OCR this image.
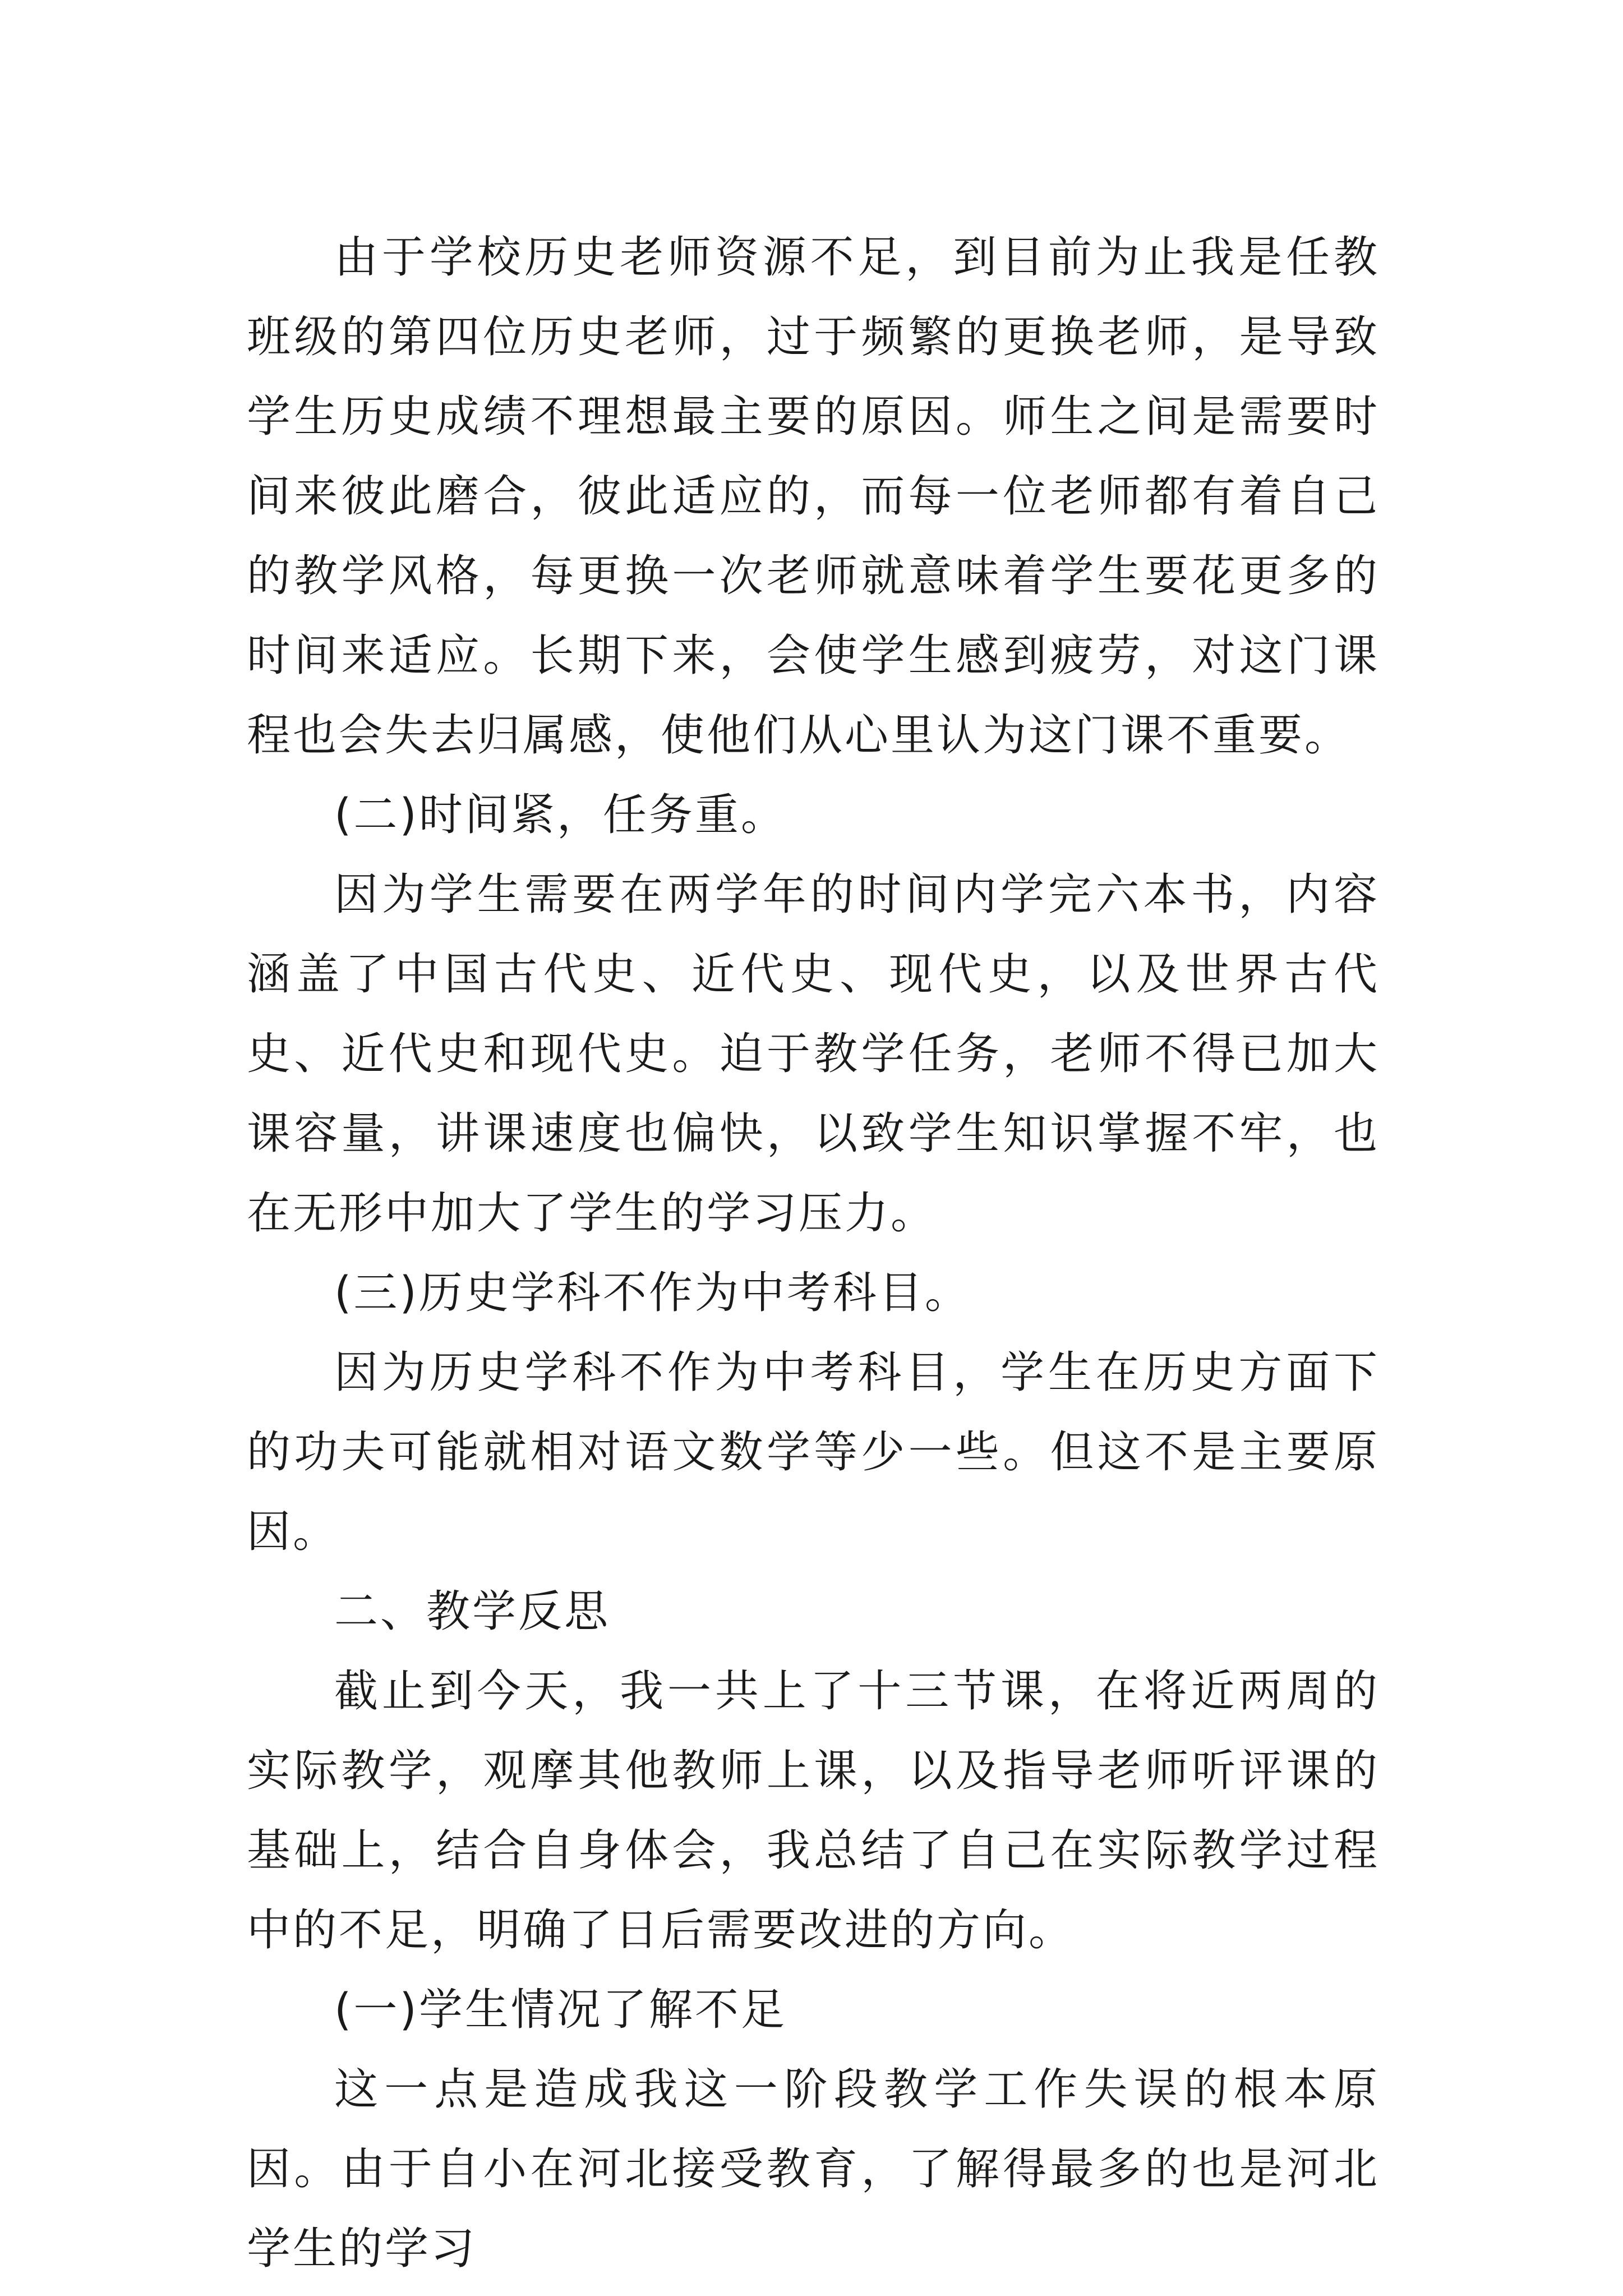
由于学校历史老师资源不足，到目前为止我是任教班级的第四位历史老师，过于频繁的更换老师，是导致学生历史成绩不理想最主要的原因。师生之间是需要时间来彼此磨合，彼此适应的，而每一位老师都有着自己的教学风格，每更换一次老师就意味着学生要花更多的时间来适应。长期下来，会使学生感到疲劳，对这门课程也会失去归属感，使他们从心里认为这门课不重要。

(二)时间紧，任务重。

因为学生需要在两学年的时间内学完六本书，内容涵盖了中国古代史、近代史、现代史，以及世界古代史、近代史和现代史。迫于教学任务，老师不得已加大课容量，讲课速度也偏快，以致学生知识掌握不牢，也在无形中加大了学生的学习压力。

(三)历史学科不作为中考科目。

因为历史学科不作为中考科目，学生在历史方面下的功夫可能就相对语文数学等少一些。但这不是主要原因。

二、教学反思

截止到今天，我一共上了十三节课，在将近两周的实际教学，观摩其他教师上课，以及指导老师听评课的基础上，结合自身体会，我总结了自己在实际教学过程中的不足，明确了日后需要改进的方向。

(一)学生情况了解不足

这一点是造成我这一阶段教学工作失误的根本原因。由于自小在河北接受教育，了解得最多的也是河北学生的学习
